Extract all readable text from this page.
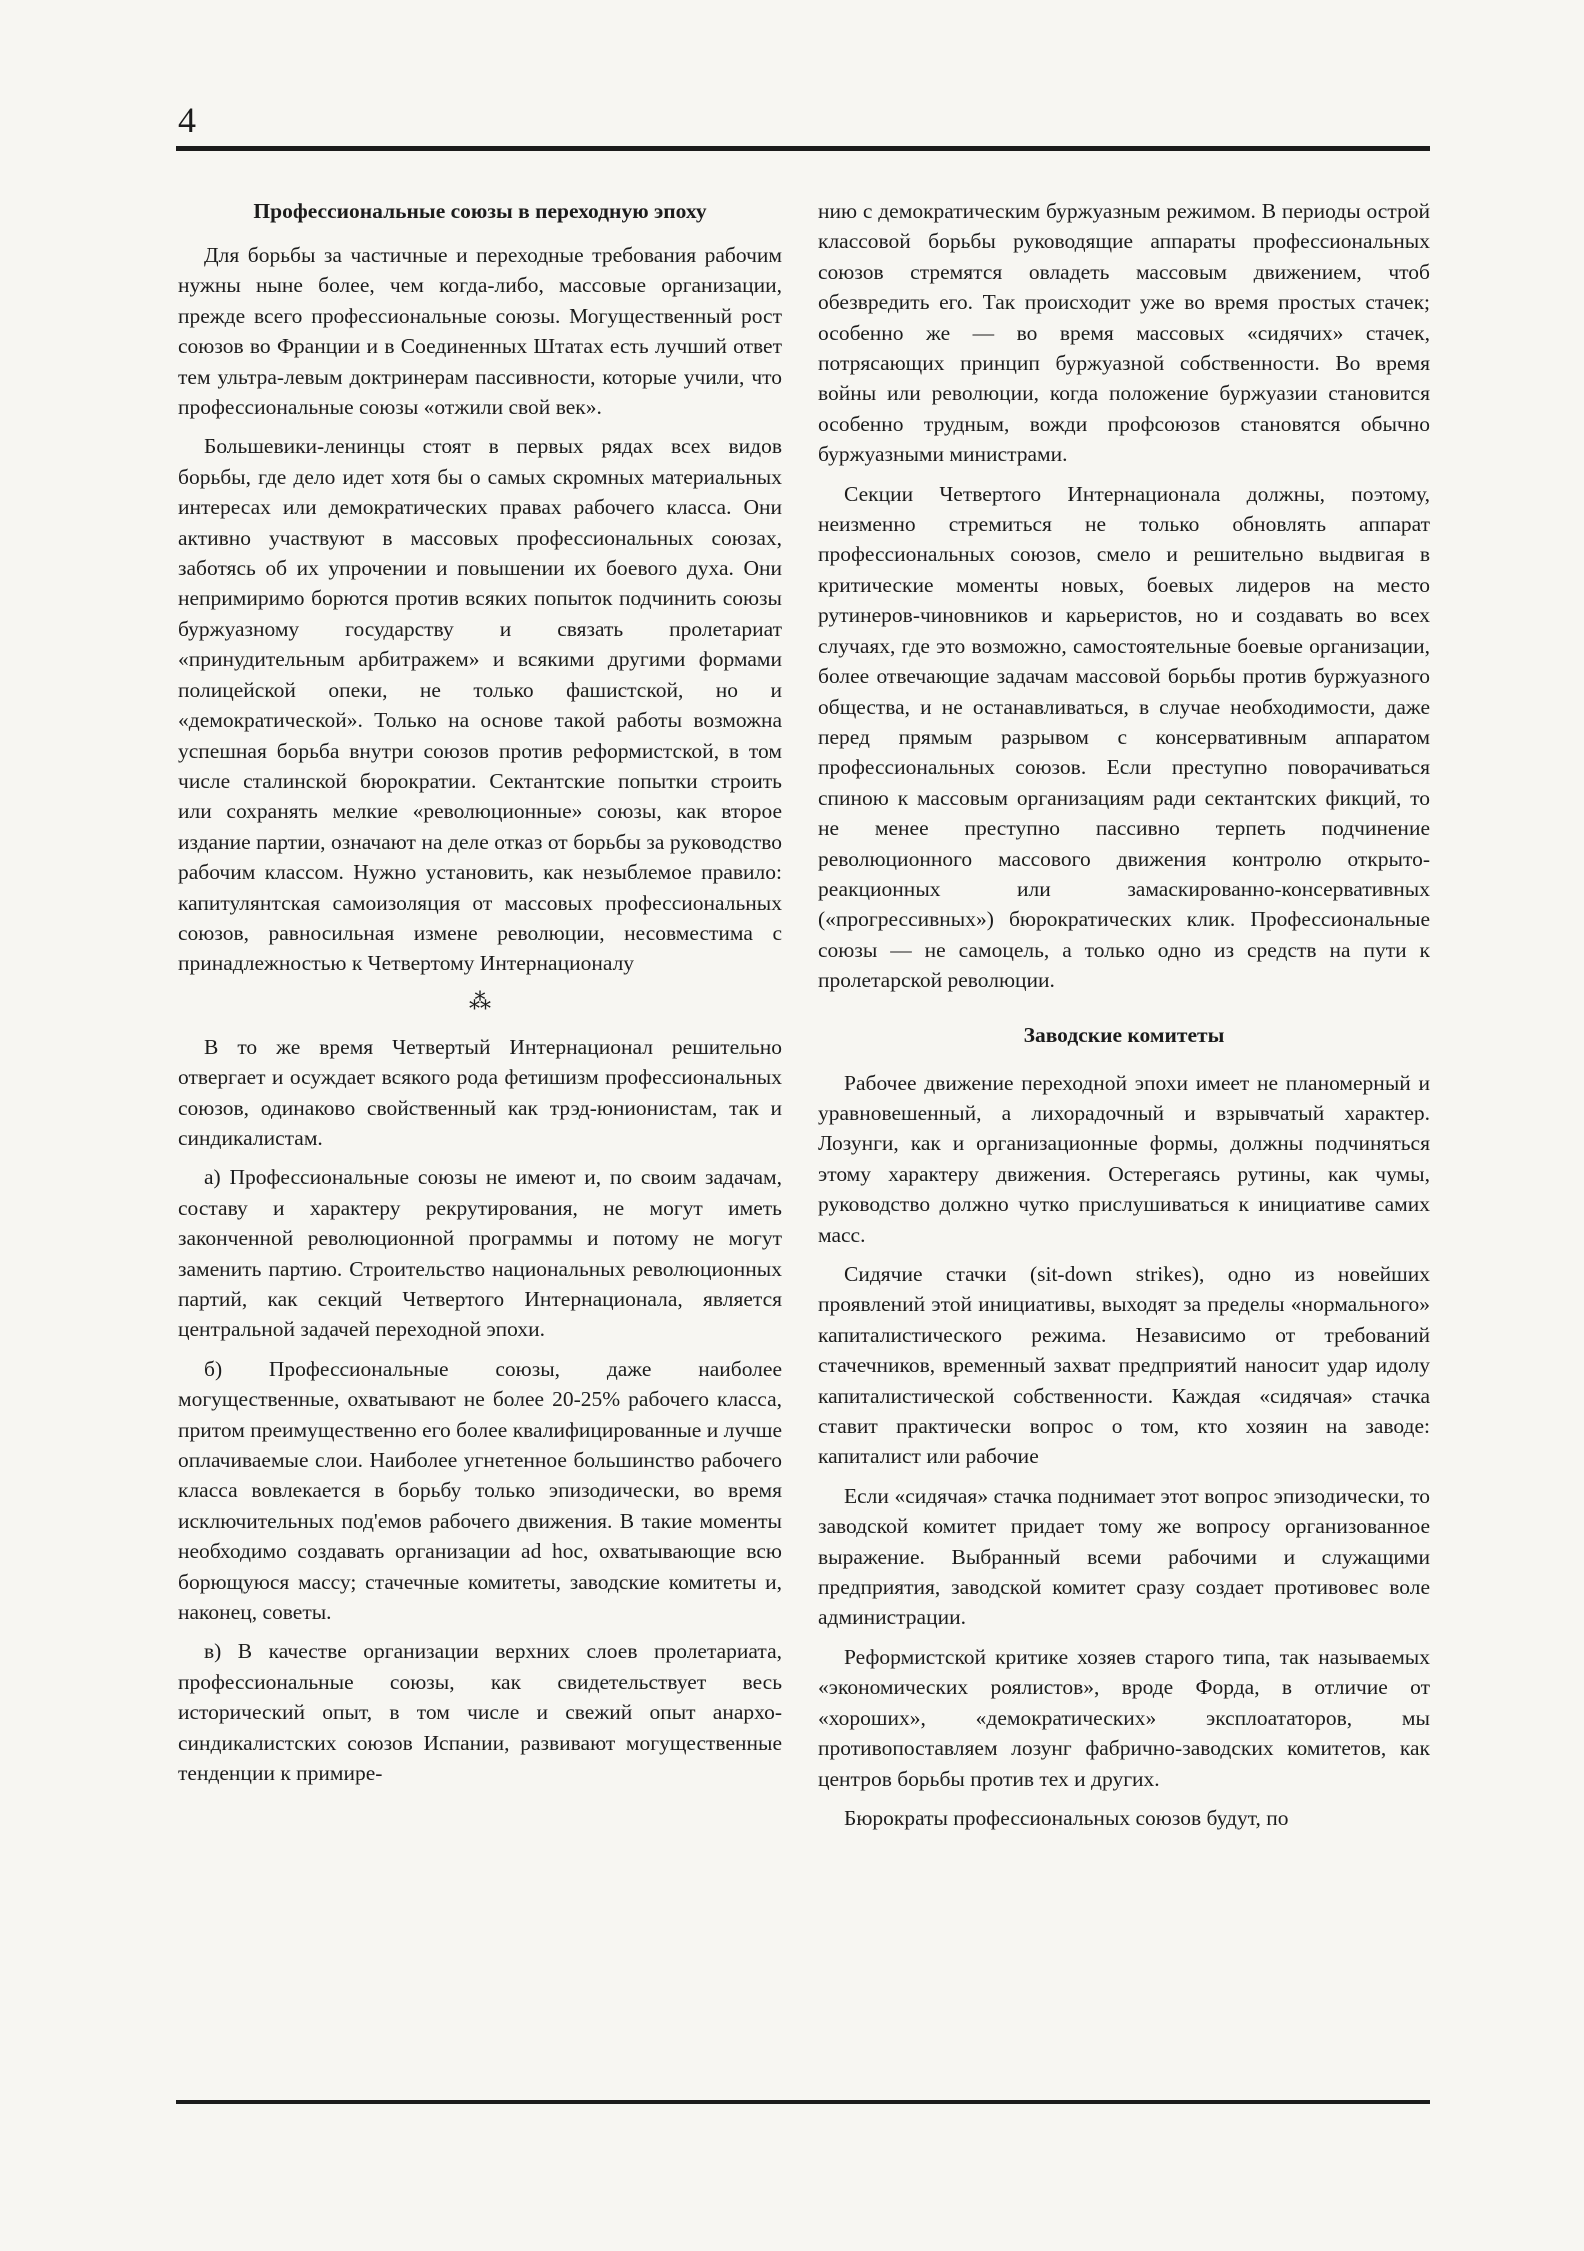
4
Профессиональные союзы в переходную эпоху

Для борьбы за частичные и переходные требования рабочим нужны ныне более, чем когда-либо, массовые организации, прежде всего профессиональные союзы. Могущественный рост союзов во Франции и в Соединенных Штатах есть лучший ответ тем ультра-левым доктринерам пассивности, которые учили, что профессиональные союзы «отжили свой век».

Большевики-ленинцы стоят в первых рядах всех видов борьбы, где дело идет хотя бы о самых скромных материальных интересах или демократических правах рабочего класса. Они активно участвуют в массовых профессиональных союзах, заботясь об их упрочении и повышении их боевого духа. Они непримиримо борются против всяких попыток подчинить союзы буржуазному государству и связать пролетариат «принудительным арбитражем» и всякими другими формами полицейской опеки, не только фашистской, но и «демократической». Только на основе такой работы возможна успешная борьба внутри союзов против реформистской, в том числе сталинской бюрократии. Сектантские попытки строить или сохранять мелкие «революционные» союзы, как второе издание партии, означают на деле отказ от борьбы за руководство рабочим классом. Нужно установить, как незыблемое правило: капитулянтская самоизоляция от массовых профессиональных союзов, равносильная измене революции, несовместима с принадлежностью к Четвертому Интернационалу

⁂

В то же время Четвертый Интернационал решительно отвергает и осуждает всякого рода фетишизм профессиональных союзов, одинаково свойственный как трэд-юнионистам, так и синдикалистам.

а) Профессиональные союзы не имеют и, по своим задачам, составу и характеру рекрутирования, не могут иметь законченной революционной программы и потому не могут заменить партию. Строительство национальных революционных партий, как секций Четвертого Интернационала, является центральной задачей переходной эпохи.

б) Профессиональные союзы, даже наиболее могущественные, охватывают не более 20-25% рабочего класса, притом преимущественно его более квалифицированные и лучше оплачиваемые слои. Наиболее угнетенное большинство рабочего класса вовлекается в борьбу только эпизодически, во время исключительных под'емов рабочего движения. В такие моменты необходимо создавать организации ad hoc, охватывающие всю борющуюся массу; стачечные комитеты, заводские комитеты и, наконец, советы.

в) В качестве организации верхних слоев пролетариата, профессиональные союзы, как свидетельствует весь исторический опыт, в том числе и свежий опыт анархо-синдикалистских союзов Испании, развивают могущественные тенденции к примире-

нию с демократическим буржуазным режимом. В периоды острой классовой борьбы руководящие аппараты профессиональных союзов стремятся овладеть массовым движением, чтоб обезвредить его. Так происходит уже во время простых стачек; особенно же — во время массовых «сидячих» стачек, потрясающих принцип буржуазной собственности. Во время войны или революции, когда положение буржуазии становится особенно трудным, вожди профсоюзов становятся обычно буржуазными министрами.

Секции Четвертого Интернационала должны, поэтому, неизменно стремиться не только обновлять аппарат профессиональных союзов, смело и решительно выдвигая в критические моменты новых, боевых лидеров на место рутинеров-чиновников и карьеристов, но и создавать во всех случаях, где это возможно, самостоятельные боевые организации, более отвечающие задачам массовой борьбы против буржуазного общества, и не останавливаться, в случае необходимости, даже перед прямым разрывом с консервативным аппаратом профессиональных союзов. Если преступно поворачиваться спиною к массовым организациям ради сектантских фикций, то не менее преступно пассивно терпеть подчинение революционного массового движения контролю открыто-реакционных или замаскированно-консервативных («прогрессивных») бюрократических клик. Профессиональные союзы — не самоцель, а только одно из средств на пути к пролетарской революции.

Заводские комитеты

Рабочее движение переходной эпохи имеет не планомерный и уравновешенный, а лихорадочный и взрывчатый характер. Лозунги, как и организационные формы, должны подчиняться этому характеру движения. Остерегаясь рутины, как чумы, руководство должно чутко прислушиваться к инициативе самих масс.

Сидячие стачки (sit-down strikes), одно из новейших проявлений этой инициативы, выходят за пределы «нормального» капиталистического режима. Независимо от требований стачечников, временный захват предприятий наносит удар идолу капиталистической собственности. Каждая «сидячая» стачка ставит практически вопрос о том, кто хозяин на заводе: капиталист или рабочие

Если «сидячая» стачка поднимает этот вопрос эпизодически, то заводской комитет придает тому же вопросу организованное выражение. Выбранный всеми рабочими и служащими предприятия, заводской комитет сразу создает противовес воле администрации.

Реформистской критике хозяев старого типа, так называемых «экономических роялистов», вроде Форда, в отличие от «хороших», «демократических» эксплоататоров, мы противопоставляем лозунг фабрично-заводских комитетов, как центров борьбы против тех и других.

Бюрократы профессиональных союзов будут, по
